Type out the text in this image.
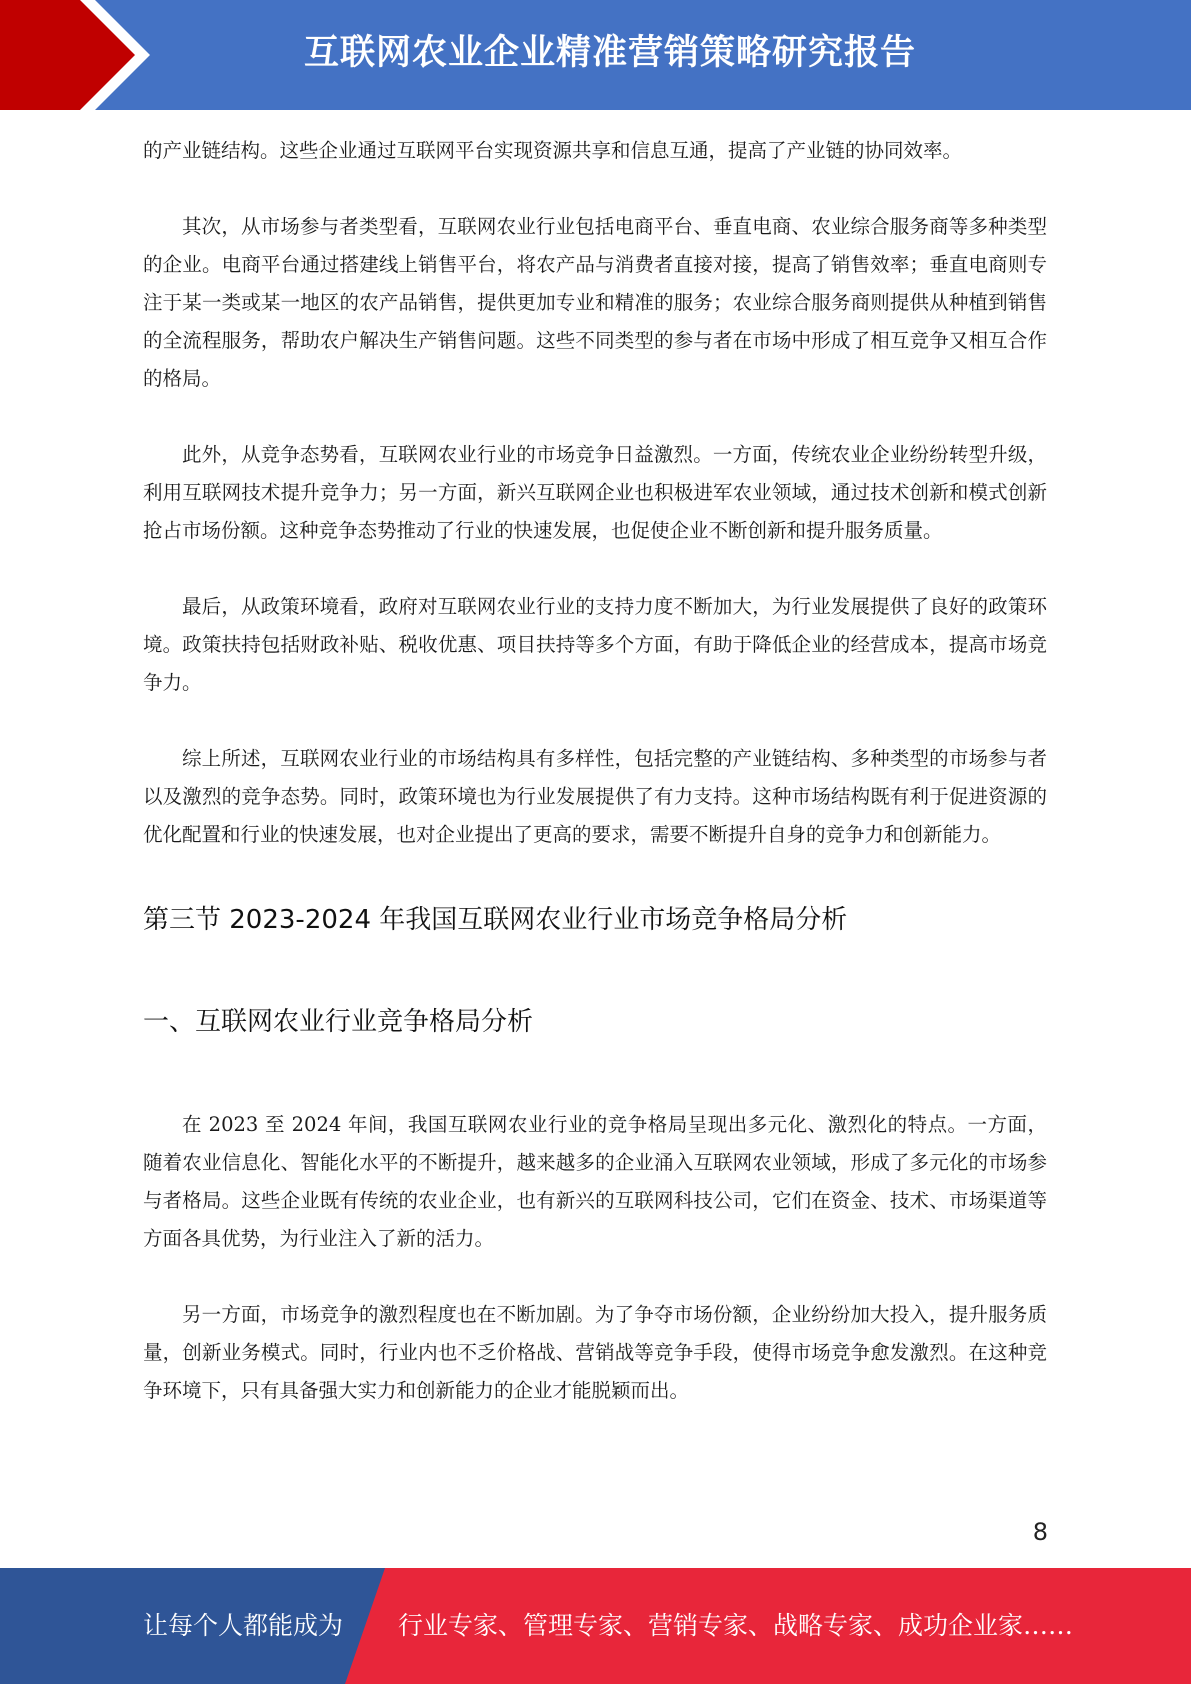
互联网农业企业精准营销策略研究报告

的产业链结构。这些企业通过互联网平台实现资源共享和信息互通，提高了产业链的协同效率。

其次，从市场参与者类型看，互联网农业行业包括电商平台、垂直电商、农业综合服务商等多种类型的企业。电商平台通过搭建线上销售平台，将农产品与消费者直接对接，提高了销售效率；垂直电商则专注于某一类或某一地区的农产品销售，提供更加专业和精准的服务；农业综合服务商则提供从种植到销售的全流程服务，帮助农户解决生产销售问题。这些不同类型的参与者在市场中形成了相互竞争又相互合作的格局。

此外，从竞争态势看，互联网农业行业的市场竞争日益激烈。一方面，传统农业企业纷纷转型升级，利用互联网技术提升竞争力；另一方面，新兴互联网企业也积极进军农业领域，通过技术创新和模式创新抢占市场份额。这种竞争态势推动了行业的快速发展，也促使企业不断创新和提升服务质量。

最后，从政策环境看，政府对互联网农业行业的支持力度不断加大，为行业发展提供了良好的政策环境。政策扶持包括财政补贴、税收优惠、项目扶持等多个方面，有助于降低企业的经营成本，提高市场竞争力。

综上所述，互联网农业行业的市场结构具有多样性，包括完整的产业链结构、多种类型的市场参与者以及激烈的竞争态势。同时，政策环境也为行业发展提供了有力支持。这种市场结构既有利于促进资源的优化配置和行业的快速发展，也对企业提出了更高的要求，需要不断提升自身的竞争力和创新能力。

第三节 2023-2024 年我国互联网农业行业市场竞争格局分析
一、互联网农业行业竞争格局分析

在 2023 至 2024 年间，我国互联网农业行业的竞争格局呈现出多元化、激烈化的特点。一方面，随着农业信息化、智能化水平的不断提升，越来越多的企业涌入互联网农业领域，形成了多元化的市场参与者格局。这些企业既有传统的农业企业，也有新兴的互联网科技公司，它们在资金、技术、市场渠道等方面各具优势，为行业注入了新的活力。

另一方面，市场竞争的激烈程度也在不断加剧。为了争夺市场份额，企业纷纷加大投入，提升服务质量，创新业务模式。同时，行业内也不乏价格战、营销战等竞争手段，使得市场竞争愈发激烈。在这种竞争环境下，只有具备强大实力和创新能力的企业才能脱颖而出。

8
让每个人都能成为 行业专家、管理专家、营销专家、战略专家、成功企业家……
